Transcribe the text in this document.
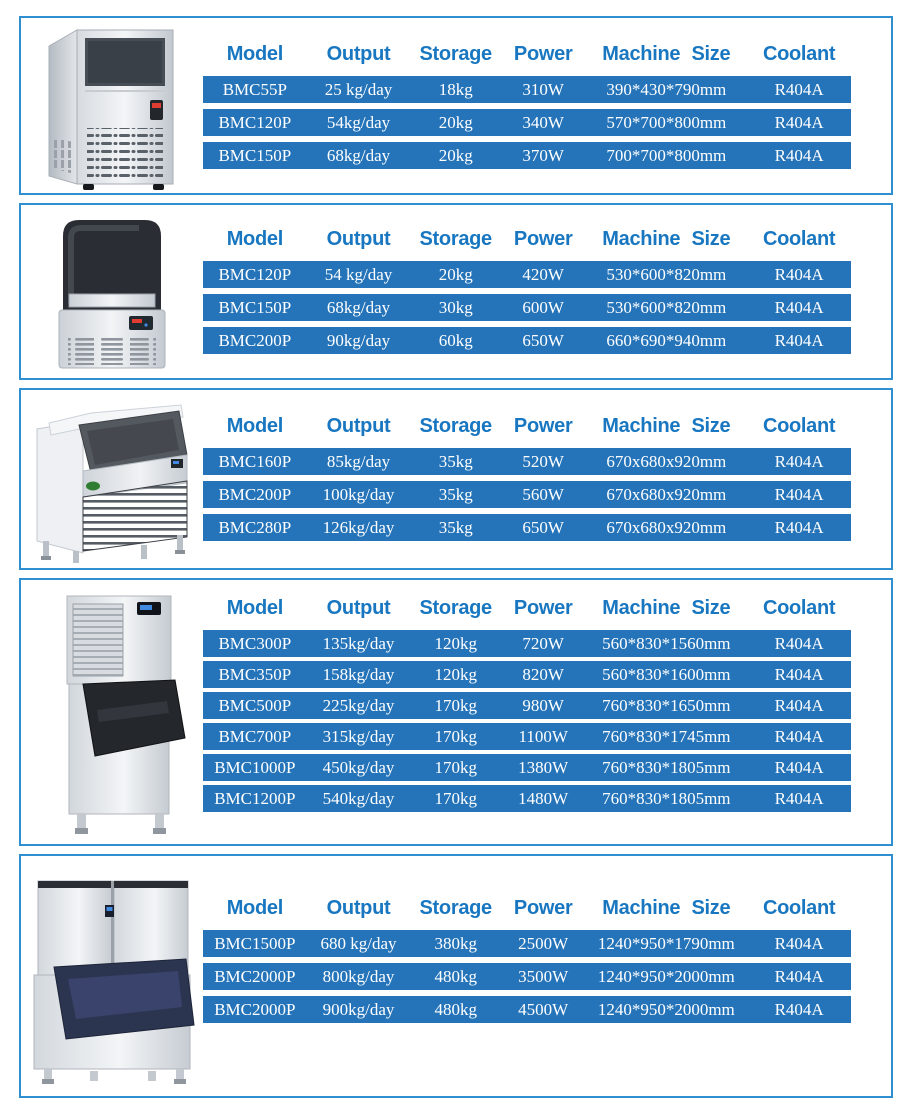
Model	Output	Storage	Power	Machine Size	Coolant
BMC55P	25 kg/day	18kg	310W	390*430*790mm	R404A
BMC120P	54kg/day	20kg	340W	570*700*800mm	R404A
BMC150P	68kg/day	20kg	370W	700*700*800mm	R404A
Model	Output	Storage	Power	Machine Size	Coolant
BMC120P	54 kg/day	20kg	420W	530*600*820mm	R404A
BMC150P	68kg/day	30kg	600W	530*600*820mm	R404A
BMC200P	90kg/day	60kg	650W	660*690*940mm	R404A
Model	Output	Storage	Power	Machine Size	Coolant
BMC160P	85kg/day	35kg	520W	670x680x920mm	R404A
BMC200P	100kg/day	35kg	560W	670x680x920mm	R404A
BMC280P	126kg/day	35kg	650W	670x680x920mm	R404A
Model	Output	Storage	Power	Machine Size	Coolant
BMC300P	135kg/day	120kg	720W	560*830*1560mm	R404A
BMC350P	158kg/day	120kg	820W	560*830*1600mm	R404A
BMC500P	225kg/day	170kg	980W	760*830*1650mm	R404A
BMC700P	315kg/day	170kg	1100W	760*830*1745mm	R404A
BMC1000P	450kg/day	170kg	1380W	760*830*1805mm	R404A
BMC1200P	540kg/day	170kg	1480W	760*830*1805mm	R404A
Model	Output	Storage	Power	Machine Size	Coolant
BMC1500P	680 kg/day	380kg	2500W	1240*950*1790mm	R404A
BMC2000P	800kg/day	480kg	3500W	1240*950*2000mm	R404A
BMC2000P	900kg/day	480kg	4500W	1240*950*2000mm	R404A
